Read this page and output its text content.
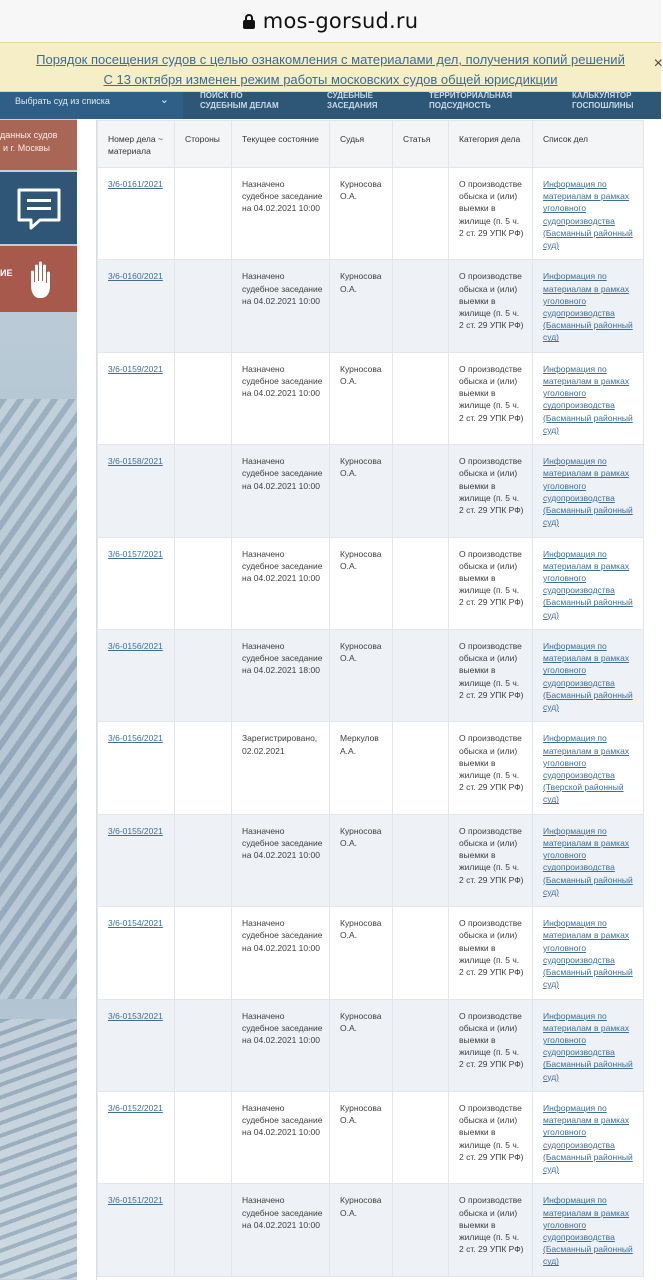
mos-gorsud.ru
Порядок посещения судов с целью ознакомления с материалами дел, получения копий решений
С 13 октября изменен режим работы московских судов общей юрисдикции
×
Выбрать суд из списка	⌄	ПОИСК ПО
СУДЕБНЫМ ДЕЛАМ
СУДЕБНЫЕ
ЗАСЕДАНИЯ
ТЕРРИТОРИАЛЬНАЯ
ПОДСУДНОСТЬ
КАЛЬКУЛЯТОР
ГОСПОШЛИНЫ
данных судов
и г. Москвы
ИЕ
Номер дела ~ материала	Стороны	Текущее состояние	Судья	Статья	Категория дела	Список дел
3/6-0161/2021		Назначено судебное заседание на 04.02.2021 10:00	Курносова О.А.		О производстве обыска и (или) выемки в жилище (п. 5 ч. 2 ст. 29 УПК РФ)	Информация по материалам в рамках уголовного судопроизводства (Басманный районный суд)
3/6-0160/2021		Назначено судебное заседание на 04.02.2021 10:00	Курносова О.А.		О производстве обыска и (или) выемки в жилище (п. 5 ч. 2 ст. 29 УПК РФ)	Информация по материалам в рамках уголовного судопроизводства (Басманный районный суд)
3/6-0159/2021		Назначено судебное заседание на 04.02.2021 10:00	Курносова О.А.		О производстве обыска и (или) выемки в жилище (п. 5 ч. 2 ст. 29 УПК РФ)	Информация по материалам в рамках уголовного судопроизводства (Басманный районный суд)
3/6-0158/2021		Назначено судебное заседание на 04.02.2021 10:00	Курносова О.А.		О производстве обыска и (или) выемки в жилище (п. 5 ч. 2 ст. 29 УПК РФ)	Информация по материалам в рамках уголовного судопроизводства (Басманный районный суд)
3/6-0157/2021		Назначено судебное заседание на 04.02.2021 10:00	Курносова О.А.		О производстве обыска и (или) выемки в жилище (п. 5 ч. 2 ст. 29 УПК РФ)	Информация по материалам в рамках уголовного судопроизводства (Басманный районный суд)
3/6-0156/2021		Назначено судебное заседание на 04.02.2021 18:00	Курносова О.А.		О производстве обыска и (или) выемки в жилище (п. 5 ч. 2 ст. 29 УПК РФ)	Информация по материалам в рамках уголовного судопроизводства (Басманный районный суд)
3/6-0156/2021		Зарегистрировано, 02.02.2021	Меркулов А.А.		О производстве обыска и (или) выемки в жилище (п. 5 ч. 2 ст. 29 УПК РФ)	Информация по материалам в рамках уголовного судопроизводства (Тверской районный суд)
3/6-0155/2021		Назначено судебное заседание на 04.02.2021 10:00	Курносова О.А.		О производстве обыска и (или) выемки в жилище (п. 5 ч. 2 ст. 29 УПК РФ)	Информация по материалам в рамках уголовного судопроизводства (Басманный районный суд)
3/6-0154/2021		Назначено судебное заседание на 04.02.2021 10:00	Курносова О.А.		О производстве обыска и (или) выемки в жилище (п. 5 ч. 2 ст. 29 УПК РФ)	Информация по материалам в рамках уголовного судопроизводства (Басманный районный суд)
3/6-0153/2021		Назначено судебное заседание на 04.02.2021 10:00	Курносова О.А.		О производстве обыска и (или) выемки в жилище (п. 5 ч. 2 ст. 29 УПК РФ)	Информация по материалам в рамках уголовного судопроизводства (Басманный районный суд)
3/6-0152/2021		Назначено судебное заседание на 04.02.2021 10:00	Курносова О.А.		О производстве обыска и (или) выемки в жилище (п. 5 ч. 2 ст. 29 УПК РФ)	Информация по материалам в рамках уголовного судопроизводства (Басманный районный суд)
3/6-0151/2021		Назначено судебное заседание на 04.02.2021 10:00	Курносова О.А.		О производстве обыска и (или) выемки в жилище (п. 5 ч. 2 ст. 29 УПК РФ)	Информация по материалам в рамках уголовного судопроизводства (Басманный районный суд)
